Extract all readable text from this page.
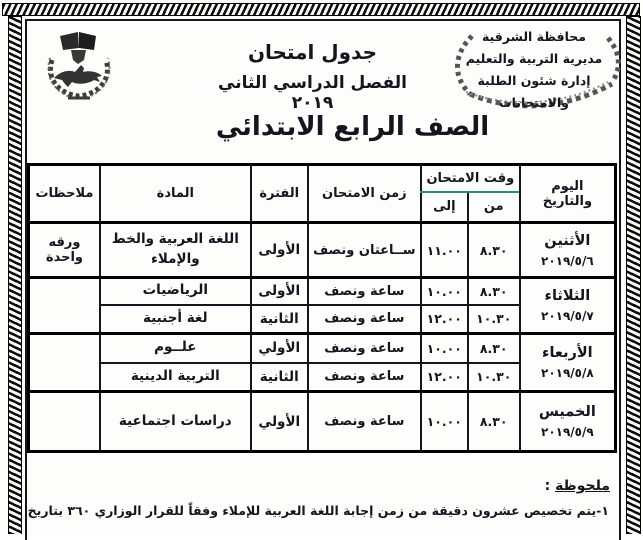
جدول امتحان
الفصل الدراسي الثاني ٢٠١٩
محافظة الشرقية
مديرية التربية والتعليم
إدارة شئون الطلبة والامتحانات
الصف الرابع الابتدائي
اليوم والتاريخ	وقت الامتحان		زمن الامتحان	الفترة	المادة	ملاحظات
	من	إلى				

الأثنين
٢٠١٩/٥/٦	٨.٣٠	١١.٠٠	ســاعتان ونصف	الأولى	اللغة العربية والخط والإملاء	ورقه واحدة

الثلاثاء
٢٠١٩/٥/٧	٨.٣٠	١٠.٠٠	ساعة ونصف	الأولى	الرياضيات	
	١٠.٣٠	١٢.٠٠	ساعة ونصف	الثانية	لغة أجنبية	

الأربعاء
٢٠١٩/٥/٨	٨.٣٠	١٠.٠٠	ساعة ونصف	الأولي	علــوم	
	١٠.٣٠	١٢.٠٠	ساعة ونصف	الثانية	التربية الدينية	

الخميس
٢٠١٩/٥/٩	٨.٣٠	١٠.٠٠	ساعة ونصف	الأولي	دراسات اجتماعية	
ملحوظة :
١-يتم تخصيص عشرون دقيقة من زمن إجابة اللغة العربية للإملاء وفقاً للقرار الوزاري ٣٦٠ بتاريخ
